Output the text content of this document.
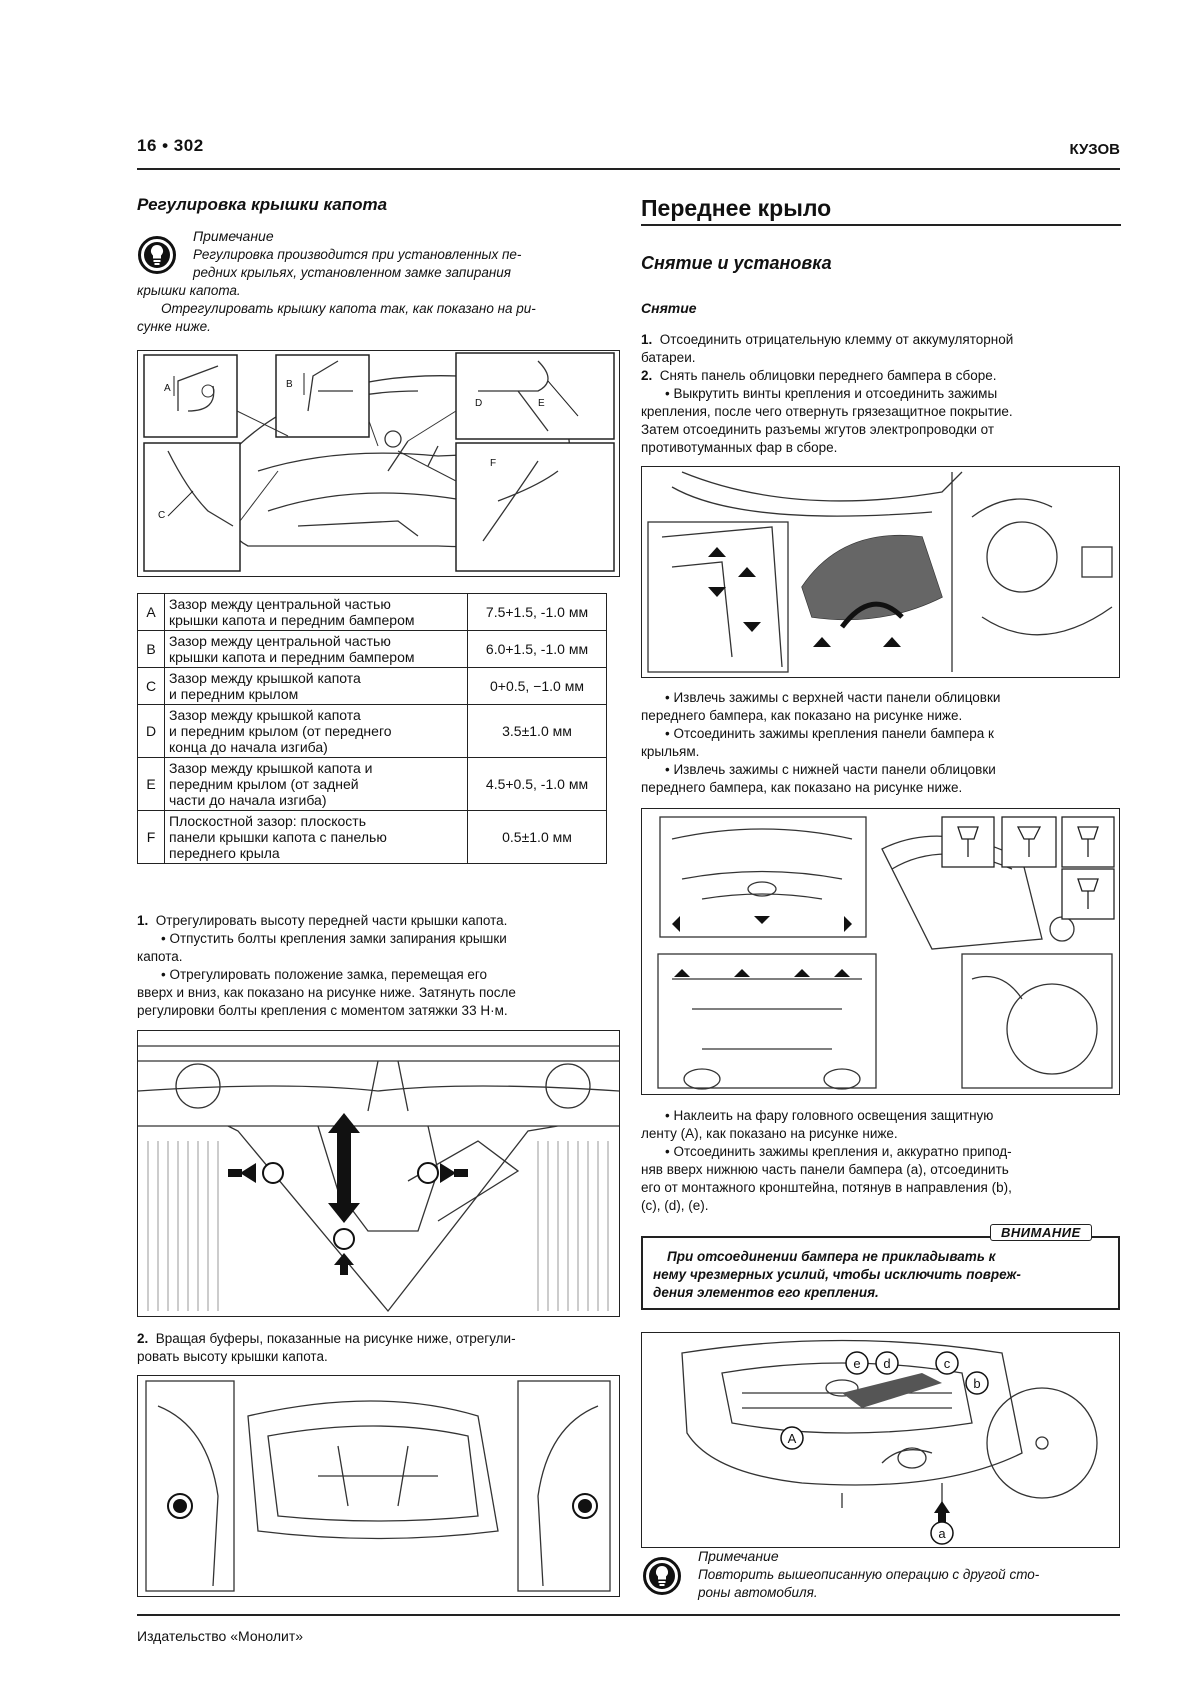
16 • 302	КУЗОВ
Регулировка крышки капота
Примечание
Регулировка производится при установленных пе-
редних крыльях, установленном замке запирания
крышки капота.
Отрегулировать крышку капота так, как показано на ри-
сунке ниже.
A	B
D	E
F
C
A	Зазор между центральной частью
крышки капота и передним бампером	7.5+1.5, -1.0 мм
B	Зазор между центральной частью
крышки капота и передним бампером	6.0+1.5, -1.0 мм
C	Зазор между крышкой капота
и передним крылом	0+0.5, −1.0 мм
D	Зазор между крышкой капота
и передним крылом (от переднего
конца до начала изгиба)	3.5±1.0 мм
E	Зазор между крышкой капота и
передним крылом (от задней
части до начала изгиба)	4.5+0.5, -1.0 мм
F	Плоскостной зазор: плоскость
панели крышки капота с панелью
переднего крыла	0.5±1.0 мм
1. Отрегулировать высоту передней части крышки капота.
• Отпустить болты крепления замки запирания крышки
капота.
• Отрегулировать положение замка, перемещая его
вверх и вниз, как показано на рисунке ниже. Затянуть после
регулировки болты крепления с моментом затяжки 33 Н·м.
2. Вращая буферы, показанные на рисунке ниже, отрегули-
ровать высоту крышки капота.
Переднее крыло
Снятие и установка
Снятие
1. Отсоединить отрицательную клемму от аккумуляторной
батареи.
2. Снять панель облицовки переднего бампера в сборе.
• Выкрутить винты крепления и отсоединить зажимы
крепления, после чего отвернуть грязезащитное покрытие.
Затем отсоединить разъемы жгутов электропроводки от
противотуманных фар в сборе.
• Извлечь зажимы с верхней части панели облицовки
переднего бампера, как показано на рисунке ниже.
• Отсоединить зажимы крепления панели бампера к
крыльям.
• Извлечь зажимы с нижней части панели облицовки
переднего бампера, как показано на рисунке ниже.
• Наклеить на фару головного освещения защитную
ленту (A), как показано на рисунке ниже.
• Отсоединить зажимы крепления и, аккуратно припод-
няв вверх нижнюю часть панели бампера (a), отсоединить
его от монтажного кронштейна, потянув в направления (b),
(c), (d), (e).
При отсоединении бампера не прикладывать к
нему чрезмерных усилий, чтобы исключить повреж-
дения элементов его крепления.
ВНИМАНИЕ
e d	c
b
A
a
Примечание
Повторить вышеописанную операцию с другой сто-
роны автомобиля.
Издательство «Монолит»
